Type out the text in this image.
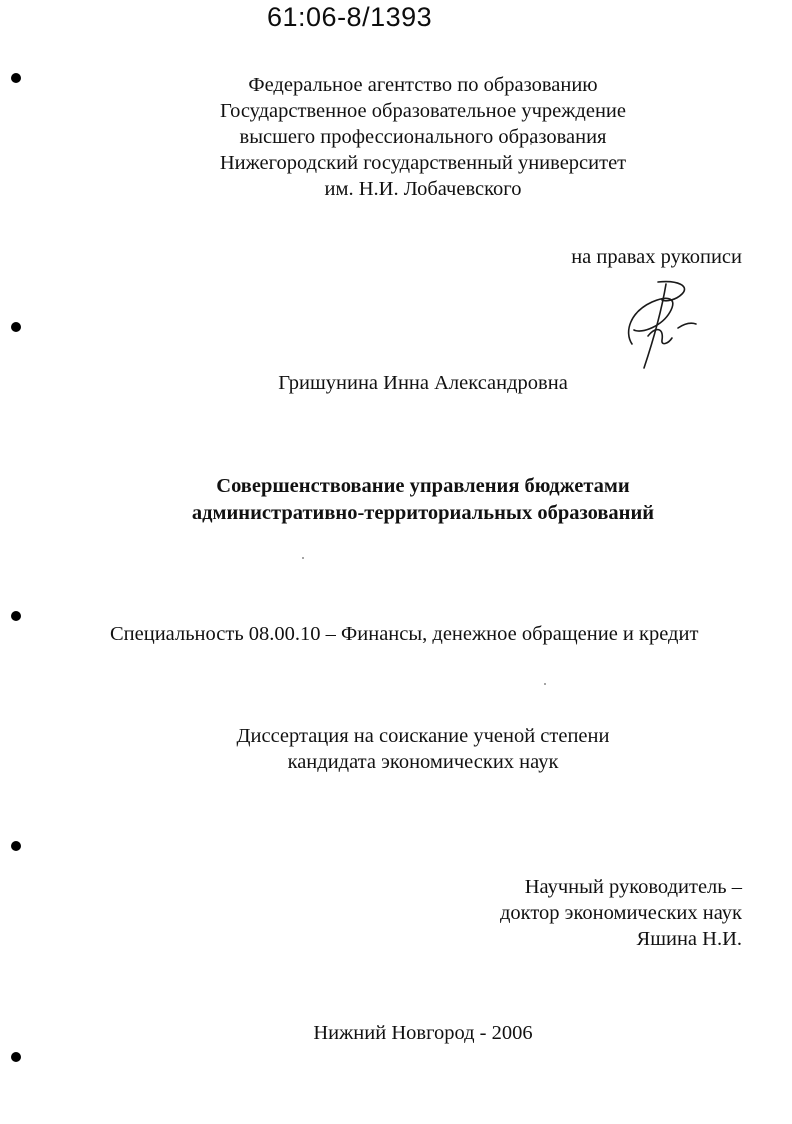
61:06-8/1393
Федеральное агентство по образованию
Государственное образовательное учреждение
высшего профессионального образования
Нижегородский государственный университет
им. Н.И. Лобачевского
на правах рукописи
Гришунина Инна Александровна
Совершенствование управления бюджетами
административно-территориальных образований
Специальность 08.00.10 – Финансы, денежное обращение и кредит
Диссертация на соискание ученой степени
кандидата экономических наук
Научный руководитель –
доктор экономических наук
Яшина Н.И.
Нижний Новгород - 2006
